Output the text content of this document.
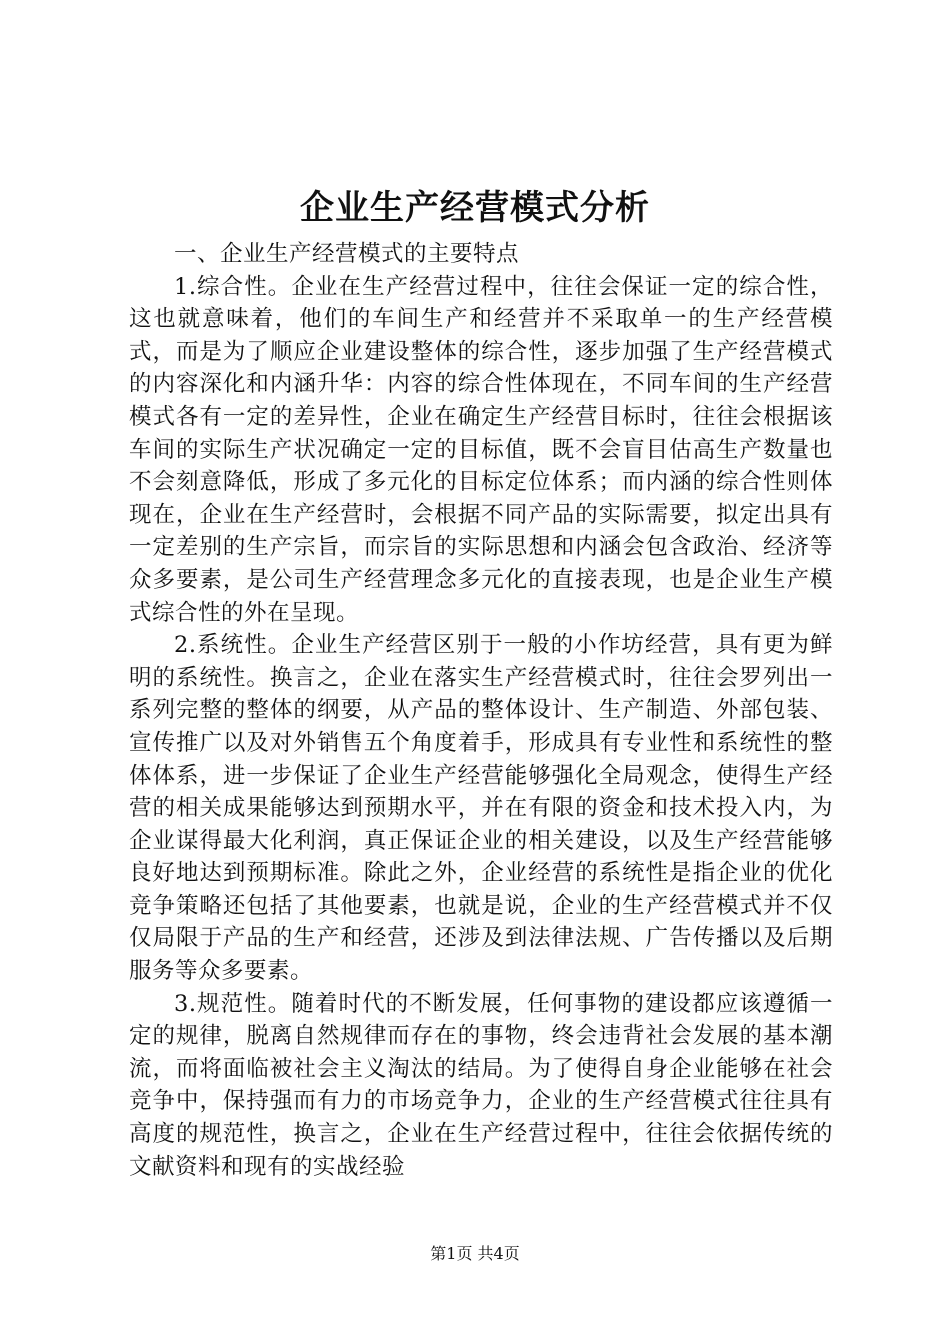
企业生产经营模式分析

一、企业生产经营模式的主要特点

1.综合性。企业在生产经营过程中，往往会保证一定的综合性，这也就意味着，他们的车间生产和经营并不采取单一的生产经营模式，而是为了顺应企业建设整体的综合性，逐步加强了生产经营模式的内容深化和内涵升华：内容的综合性体现在，不同车间的生产经营模式各有一定的差异性，企业在确定生产经营目标时，往往会根据该车间的实际生产状况确定一定的目标值，既不会盲目估高生产数量也不会刻意降低，形成了多元化的目标定位体系；而内涵的综合性则体现在，企业在生产经营时，会根据不同产品的实际需要，拟定出具有一定差别的生产宗旨，而宗旨的实际思想和内涵会包含政治、经济等众多要素，是公司生产经营理念多元化的直接表现，也是企业生产模式综合性的外在呈现。

2.系统性。企业生产经营区别于一般的小作坊经营，具有更为鲜明的系统性。换言之，企业在落实生产经营模式时，往往会罗列出一系列完整的整体的纲要，从产品的整体设计、生产制造、外部包装、宣传推广以及对外销售五个角度着手，形成具有专业性和系统性的整体体系，进一步保证了企业生产经营能够强化全局观念，使得生产经营的相关成果能够达到预期水平，并在有限的资金和技术投入内，为企业谋得最大化利润，真正保证企业的相关建设，以及生产经营能够良好地达到预期标准。除此之外，企业经营的系统性是指企业的优化竞争策略还包括了其他要素，也就是说，企业的生产经营模式并不仅仅局限于产品的生产和经营，还涉及到法律法规、广告传播以及后期服务等众多要素。

3.规范性。随着时代的不断发展，任何事物的建设都应该遵循一定的规律，脱离自然规律而存在的事物，终会违背社会发展的基本潮流，而将面临被社会主义淘汰的结局。为了使得自身企业能够在社会竞争中，保持强而有力的市场竞争力，企业的生产经营模式往往具有高度的规范性，换言之，企业在生产经营过程中，往往会依据传统的文献资料和现有的实战经验

第1页 共4页
